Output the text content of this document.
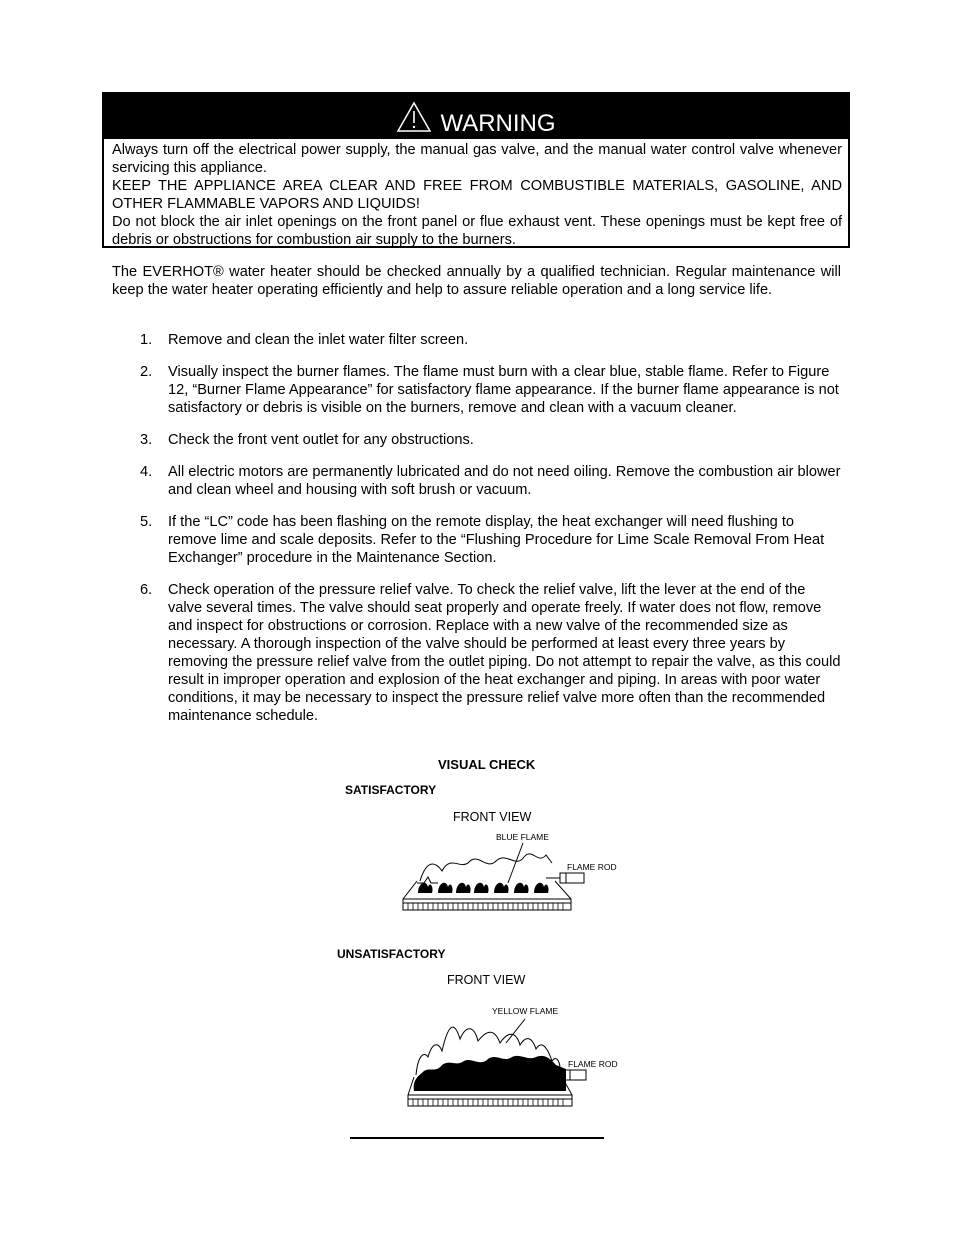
WARNING

Always turn off the electrical power supply, the manual gas valve, and the manual water control valve whenever servicing this appliance.

KEEP THE APPLIANCE AREA CLEAR AND FREE FROM COMBUSTIBLE MATERIALS, GASOLINE, AND OTHER FLAMMABLE VAPORS AND LIQUIDS!

Do not block the air inlet openings on the front panel or flue exhaust vent. These openings must be kept free of debris or obstructions for combustion air supply to the burners.

The EVERHOT® water heater should be checked annually by a qualified technician. Regular maintenance will keep the water heater operating efficiently and help to assure reliable operation and a long service life.

1. Remove and clean the inlet water filter screen.
2. Visually inspect the burner flames. The flame must burn with a clear blue, stable flame. Refer to Figure 12, “Burner Flame Appearance” for satisfactory flame appearance. If the burner flame appearance is not satisfactory or debris is visible on the burners, remove and clean with a vacuum cleaner.
3. Check the front vent outlet for any obstructions.
4. All electric motors are permanently lubricated and do not need oiling. Remove the combustion air blower and clean wheel and housing with soft brush or vacuum.
5. If the “LC” code has been flashing on the remote display, the heat exchanger will need flushing to remove lime and scale deposits. Refer to the “Flushing Procedure for Lime Scale Removal From Heat Exchanger” procedure in the Maintenance Section.
6. Check operation of the pressure relief valve. To check the relief valve, lift the lever at the end of the valve several times. The valve should seat properly and operate freely. If water does not flow, remove and inspect for obstructions or corrosion. Replace with a new valve of the recommended size as necessary. A thorough inspection of the valve should be performed at least every three years by removing the pressure relief valve from the outlet piping. Do not attempt to repair the valve, as this could result in improper operation and explosion of the heat exchanger and piping. In areas with poor water conditions, it may be necessary to inspect the pressure relief valve more often than the recommended maintenance schedule.
VISUAL CHECK
SATISFACTORY
FRONT VIEW
BLUE FLAME
FLAME ROD
UNSATISFACTORY
FRONT VIEW
YELLOW FLAME
FLAME ROD
